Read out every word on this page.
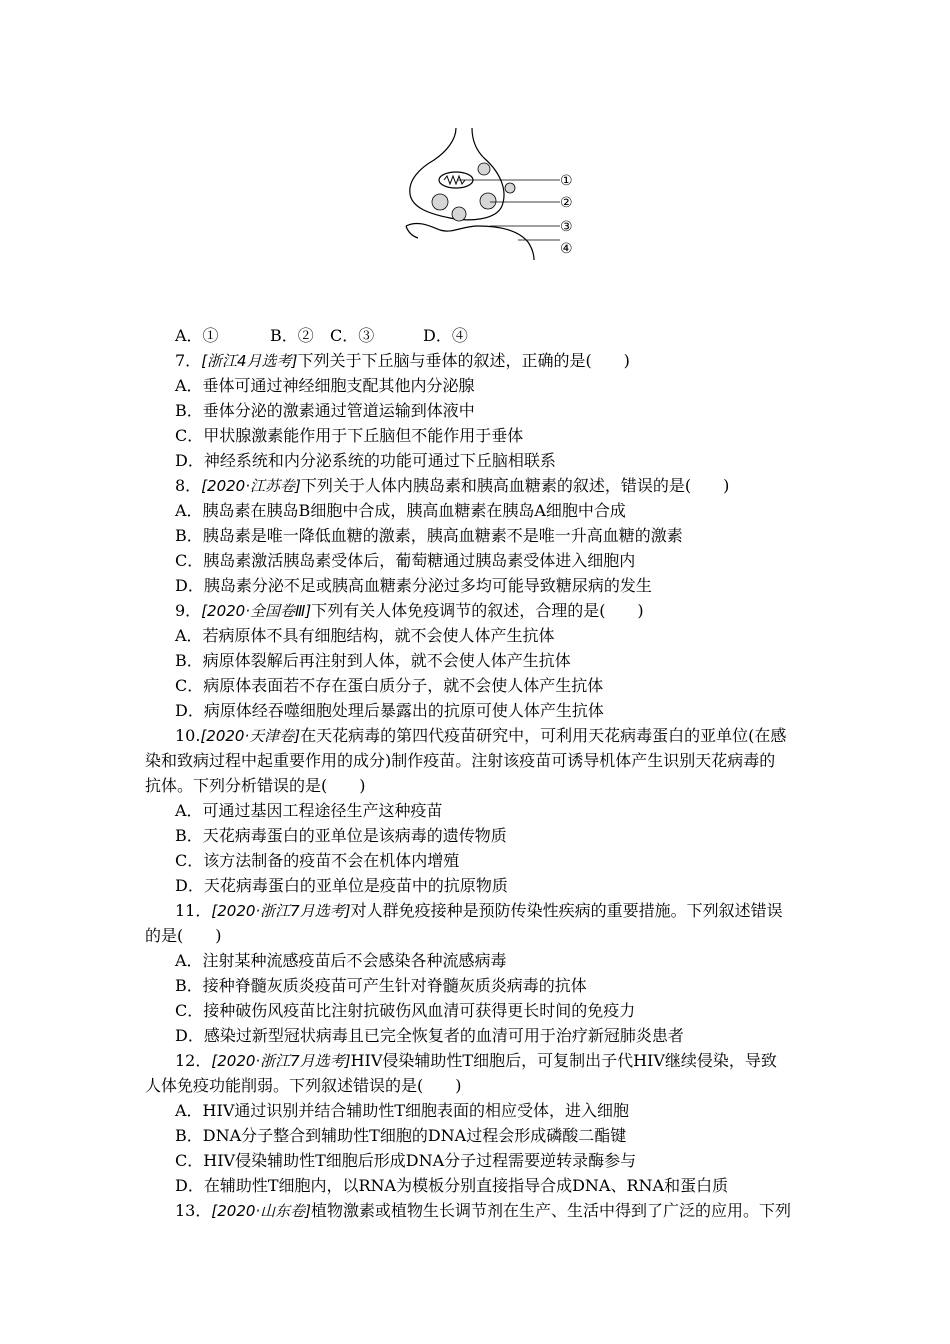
①
②
③
④
A．①	B．② C．③	D．④
7．[浙江4月选考]下列关于下丘脑与垂体的叙述，正确的是(　　)
A．垂体可通过神经细胞支配其他内分泌腺
B．垂体分泌的激素通过管道运输到体液中
C．甲状腺激素能作用于下丘脑但不能作用于垂体
D．神经系统和内分泌系统的功能可通过下丘脑相联系
8．[2020·江苏卷]下列关于人体内胰岛素和胰高血糖素的叙述，错误的是(　　)
A．胰岛素在胰岛B细胞中合成，胰高血糖素在胰岛A细胞中合成
B．胰岛素是唯一降低血糖的激素，胰高血糖素不是唯一升高血糖的激素
C．胰岛素激活胰岛素受体后，葡萄糖通过胰岛素受体进入细胞内
D．胰岛素分泌不足或胰高血糖素分泌过多均可能导致糖尿病的发生
9．[2020·全国卷Ⅲ]下列有关人体免疫调节的叙述，合理的是(　　)
A．若病原体不具有细胞结构，就不会使人体产生抗体
B．病原体裂解后再注射到人体，就不会使人体产生抗体
C．病原体表面若不存在蛋白质分子，就不会使人体产生抗体
D．病原体经吞噬细胞处理后暴露出的抗原可使人体产生抗体
10.[2020·天津卷]在天花病毒的第四代疫苗研究中，可利用天花病毒蛋白的亚单位(在感
染和致病过程中起重要作用的成分)制作疫苗。注射该疫苗可诱导机体产生识别天花病毒的
抗体。下列分析错误的是(　　)
A．可通过基因工程途径生产这种疫苗
B．天花病毒蛋白的亚单位是该病毒的遗传物质
C．该方法制备的疫苗不会在机体内增殖
D．天花病毒蛋白的亚单位是疫苗中的抗原物质
11．[2020·浙江7月选考]对人群免疫接种是预防传染性疾病的重要措施。下列叙述错误
的是(　　)
A．注射某种流感疫苗后不会感染各种流感病毒
B．接种脊髓灰质炎疫苗可产生针对脊髓灰质炎病毒的抗体
C．接种破伤风疫苗比注射抗破伤风血清可获得更长时间的免疫力
D．感染过新型冠状病毒且已完全恢复者的血清可用于治疗新冠肺炎患者
12．[2020·浙江7月选考]HIV侵染辅助性T细胞后，可复制出子代HIV继续侵染，导致
人体免疫功能削弱。下列叙述错误的是(　　)
A．HIV通过识别并结合辅助性T细胞表面的相应受体，进入细胞
B．DNA分子整合到辅助性T细胞的DNA过程会形成磷酸二酯键
C．HIV侵染辅助性T细胞后形成DNA分子过程需要逆转录酶参与
D．在辅助性T细胞内，以RNA为模板分别直接指导合成DNA、RNA和蛋白质
13．[2020·山东卷]植物激素或植物生长调节剂在生产、生活中得到了广泛的应用。下列
